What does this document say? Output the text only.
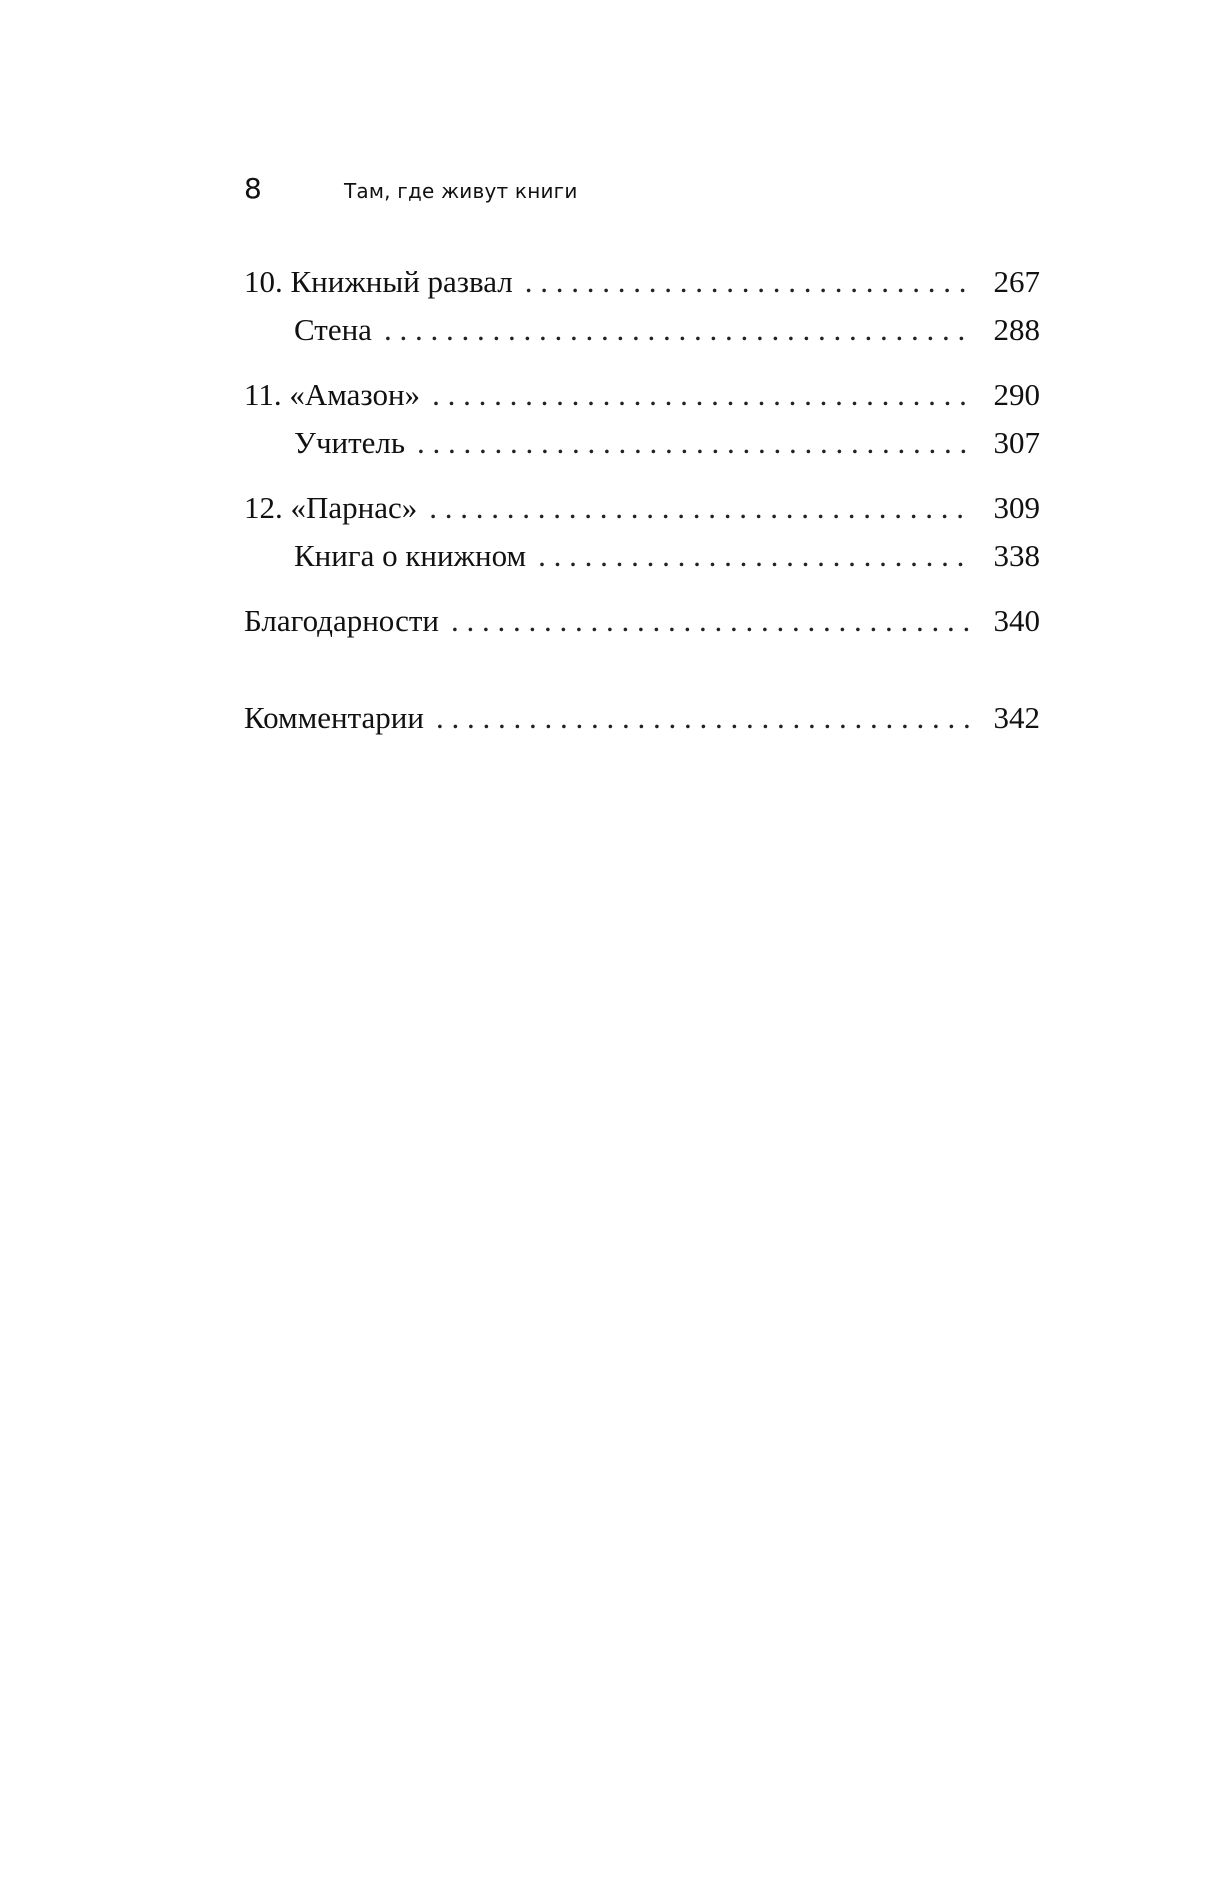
8	Там, где живут книги
10. Книжный развал . . .	267
Стена . . .	288
11. «Амазон» . . .	290
Учитель . . .	307
12. «Парнас» . . .	309
Книга о книжном . . .	338
Благодарности . . .	340
Комментарии . . .	342
